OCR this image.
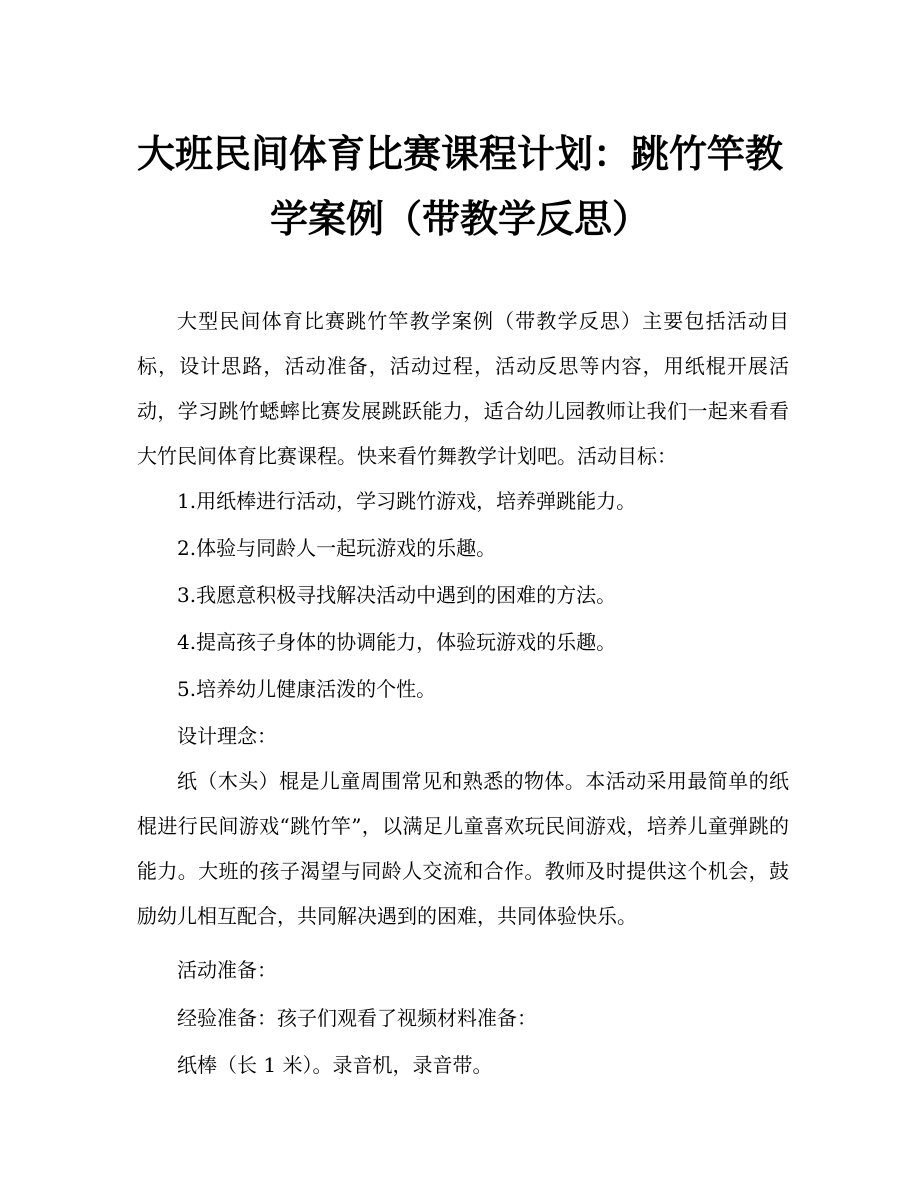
大班民间体育比赛课程计划：跳竹竿教
学案例（带教学反思）
大型民间体育比赛跳竹竿教学案例（带教学反思）主要包括活动目标，设计思路，活动准备，活动过程，活动反思等内容，用纸棍开展活动，学习跳竹蟋蟀比赛发展跳跃能力，适合幼儿园教师让我们一起来看看大竹民间体育比赛课程。快来看竹舞教学计划吧。活动目标：
1.用纸棒进行活动，学习跳竹游戏，培养弹跳能力。
2.体验与同龄人一起玩游戏的乐趣。
3.我愿意积极寻找解决活动中遇到的困难的方法。
4.提高孩子身体的协调能力，体验玩游戏的乐趣。
5.培养幼儿健康活泼的个性。
设计理念：
纸（木头）棍是儿童周围常见和熟悉的物体。本活动采用最简单的纸棍进行民间游戏“跳竹竿”，以满足儿童喜欢玩民间游戏，培养儿童弹跳的能力。大班的孩子渴望与同龄人交流和合作。教师及时提供这个机会，鼓励幼儿相互配合，共同解决遇到的困难，共同体验快乐。
活动准备：
经验准备：孩子们观看了视频材料准备：
纸棒（长 1 米）。录音机，录音带。
